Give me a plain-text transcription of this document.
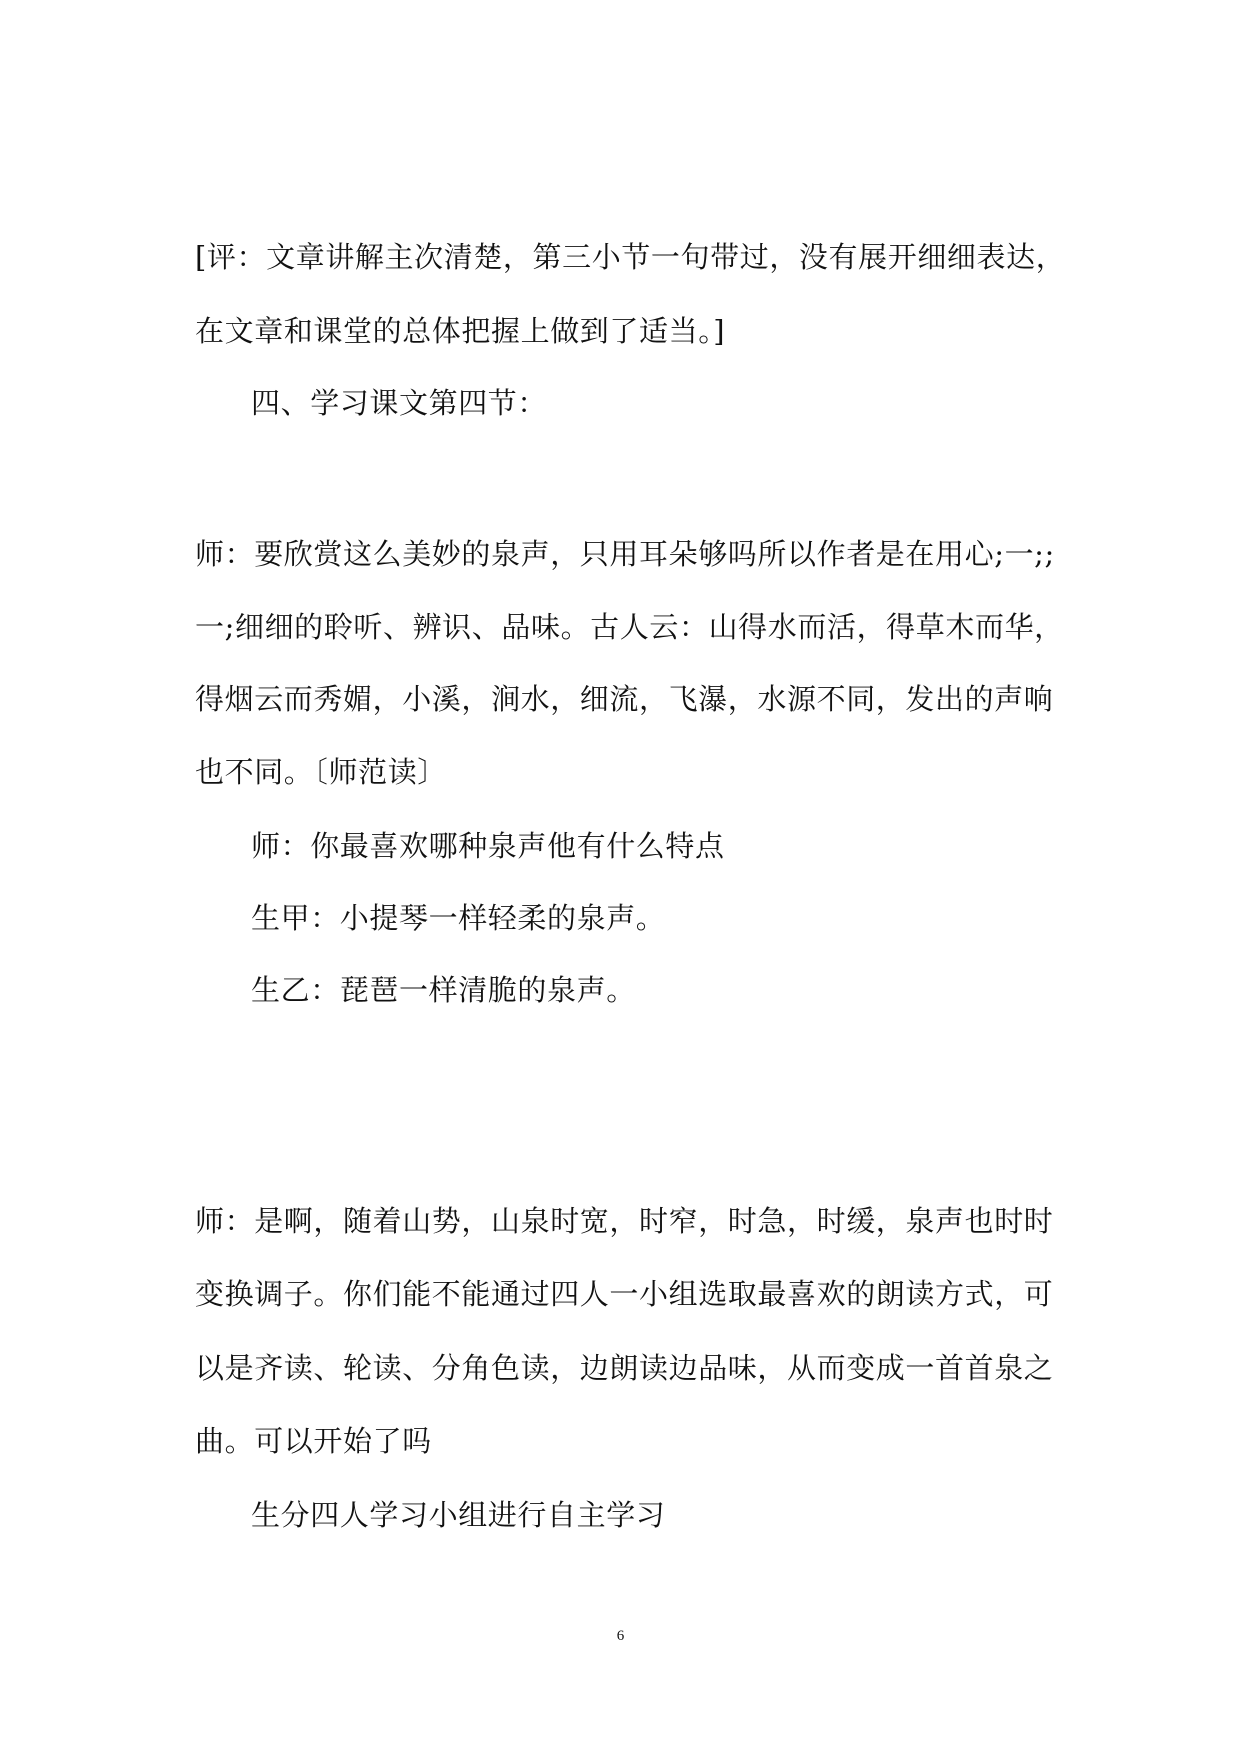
[评：文章讲解主次清楚，第三小节一句带过，没有展开细细表达，
在文章和课堂的总体把握上做到了适当。]
四、学习课文第四节：
师：要欣赏这么美妙的泉声，只用耳朵够吗所以作者是在用心;一;;
一;细细的聆听、辨识、品味。古人云：山得水而活，得草木而华，
得烟云而秀媚，小溪，涧水，细流，飞瀑，水源不同，发出的声响
也不同。〔师范读〕
师：你最喜欢哪种泉声他有什么特点
生甲：小提琴一样轻柔的泉声。
生乙：琵琶一样清脆的泉声。
师：是啊，随着山势，山泉时宽，时窄，时急，时缓，泉声也时时
变换调子。你们能不能通过四人一小组选取最喜欢的朗读方式，可
以是齐读、轮读、分角色读，边朗读边品味，从而变成一首首泉之
曲。可以开始了吗
生分四人学习小组进行自主学习
6
